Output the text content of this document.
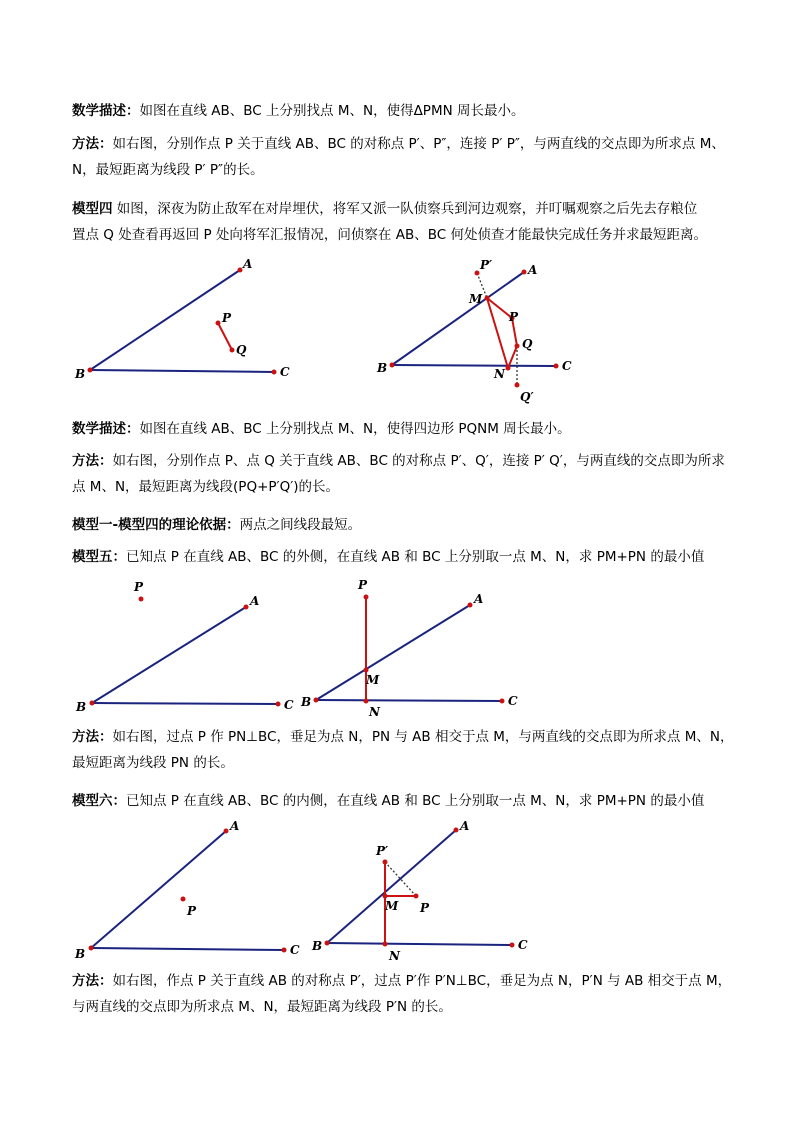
数学描述：如图在直线 AB、BC 上分别找点 M、N，使得ΔPMN 周长最小。

方法：如右图，分别作点 P 关于直线 AB、BC 的对称点 P′、P″，连接 P′ P″，与两直线的交点即为所求点 M、
N，最短距离为线段 P′ P″的长。

模型四 如图，深夜为防止敌军在对岸埋伏，将军又派一队侦察兵到河边观察，并叮嘱观察之后先去存粮位
置点 Q 处查看再返回 P 处向将军汇报情况，问侦察在 AB、BC 何处侦查才能最快完成任务并求最短距离。

A
B	C
P
Q
A
B	C
P′
M
P
Q
N
Q′

数学描述：如图在直线 AB、BC 上分别找点 M、N，使得四边形 PQNM 周长最小。

方法：如右图，分别作点 P、点 Q 关于直线 AB、BC 的对称点 P′、Q′，连接 P′ Q′，与两直线的交点即为所求
点 M、N，最短距离为线段(PQ+P′Q′)的长。

模型一-模型四的理论依据：两点之间线段最短。

模型五：已知点 P 在直线 AB、BC 的外侧，在直线 AB 和 BC 上分别取一点 M、N，求 PM+PN 的最小值

P
A
B	C
P
M
N
A
B	C

方法：如右图，过点 P 作 PN⊥BC，垂足为点 N，PN 与 AB 相交于点 M，与两直线的交点即为所求点 M、N，
最短距离为线段 PN 的长。

模型六：已知点 P 在直线 AB、BC 的内侧，在直线 AB 和 BC 上分别取一点 M、N，求 PM+PN 的最小值

P
A
B	C
P′
M P
N
A
B	C

方法：如右图，作点 P 关于直线 AB 的对称点 P′，过点 P′作 P′N⊥BC，垂足为点 N，P′N 与 AB 相交于点 M，
与两直线的交点即为所求点 M、N，最短距离为线段 P′N 的长。
